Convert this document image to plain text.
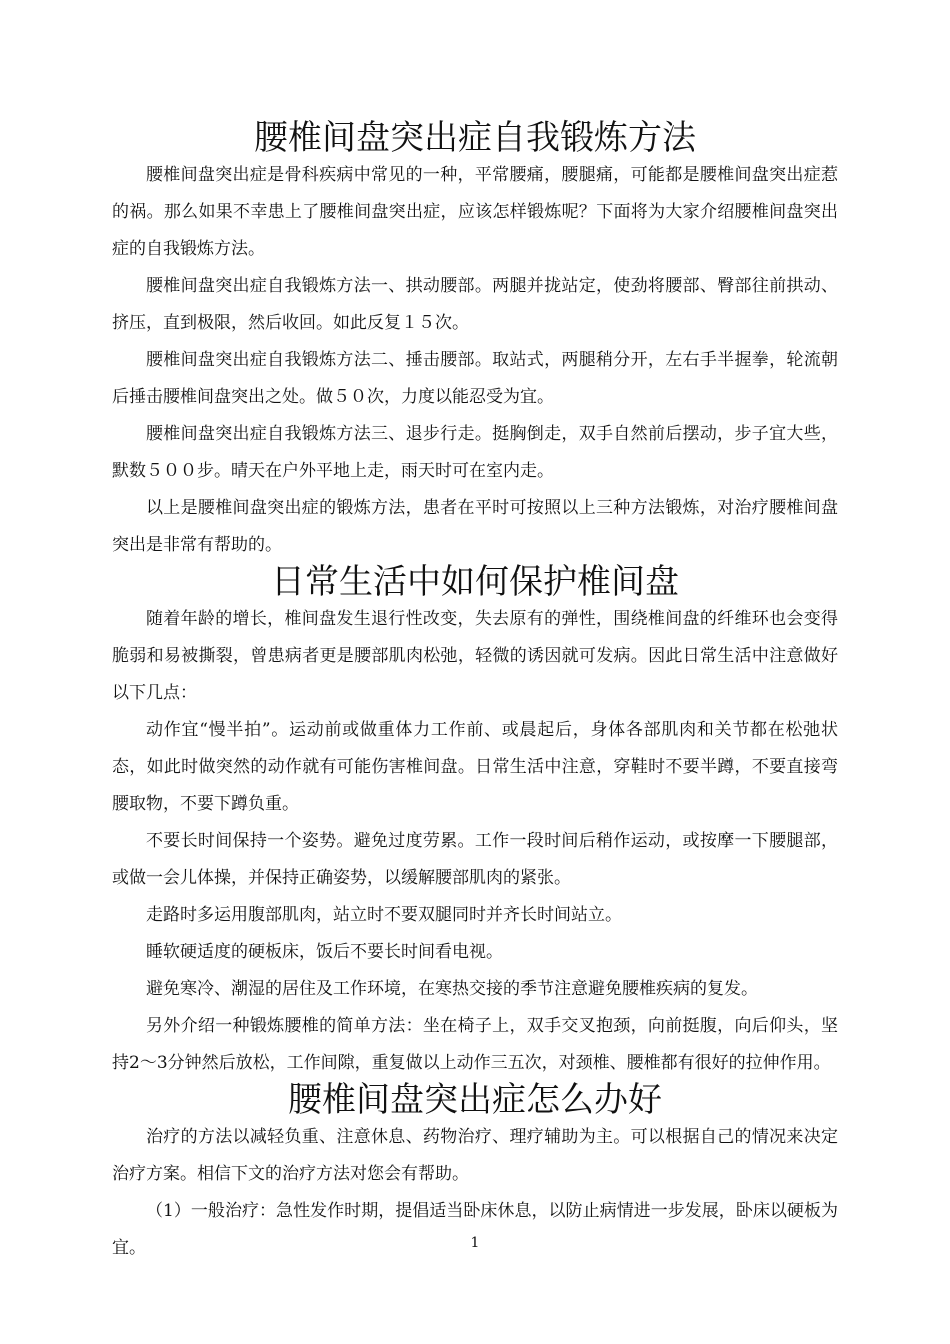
腰椎间盘突出症自我锻炼方法

腰椎间盘突出症是骨科疾病中常见的一种，平常腰痛，腰腿痛，可能都是腰椎间盘突出症惹的祸。那么如果不幸患上了腰椎间盘突出症，应该怎样锻炼呢？下面将为大家介绍腰椎间盘突出症的自我锻炼方法。

腰椎间盘突出症自我锻炼方法一、拱动腰部。两腿并拢站定，使劲将腰部、臀部往前拱动、挤压，直到极限，然后收回。如此反复１５次。

腰椎间盘突出症自我锻炼方法二、捶击腰部。取站式，两腿稍分开，左右手半握拳，轮流朝后捶击腰椎间盘突出之处。做５０次，力度以能忍受为宜。

腰椎间盘突出症自我锻炼方法三、退步行走。挺胸倒走，双手自然前后摆动，步子宜大些，默数５００步。晴天在户外平地上走，雨天时可在室内走。

以上是腰椎间盘突出症的锻炼方法，患者在平时可按照以上三种方法锻炼，对治疗腰椎间盘突出是非常有帮助的。

日常生活中如何保护椎间盘

随着年龄的增长，椎间盘发生退行性改变，失去原有的弹性，围绕椎间盘的纤维环也会变得脆弱和易被撕裂，曾患病者更是腰部肌肉松弛，轻微的诱因就可发病。因此日常生活中注意做好以下几点：

动作宜“慢半拍”。运动前或做重体力工作前、或晨起后，身体各部肌肉和关节都在松弛状态，如此时做突然的动作就有可能伤害椎间盘。日常生活中注意，穿鞋时不要半蹲，不要直接弯腰取物，不要下蹲负重。

不要长时间保持一个姿势。避免过度劳累。工作一段时间后稍作运动，或按摩一下腰腿部，或做一会儿体操，并保持正确姿势，以缓解腰部肌肉的紧张。

走路时多运用腹部肌肉，站立时不要双腿同时并齐长时间站立。

睡软硬适度的硬板床，饭后不要长时间看电视。

避免寒冷、潮湿的居住及工作环境，在寒热交接的季节注意避免腰椎疾病的复发。

另外介绍一种锻炼腰椎的简单方法：坐在椅子上，双手交叉抱颈，向前挺腹，向后仰头，坚持2～3分钟然后放松，工作间隙，重复做以上动作三五次，对颈椎、腰椎都有很好的拉伸作用。

腰椎间盘突出症怎么办好

治疗的方法以减轻负重、注意休息、药物治疗、理疗辅助为主。可以根据自己的情况来决定治疗方案。相信下文的治疗方法对您会有帮助。

（1）一般治疗：急性发作时期，提倡适当卧床休息，以防止病情进一步发展，卧床以硬板为宜。	1
